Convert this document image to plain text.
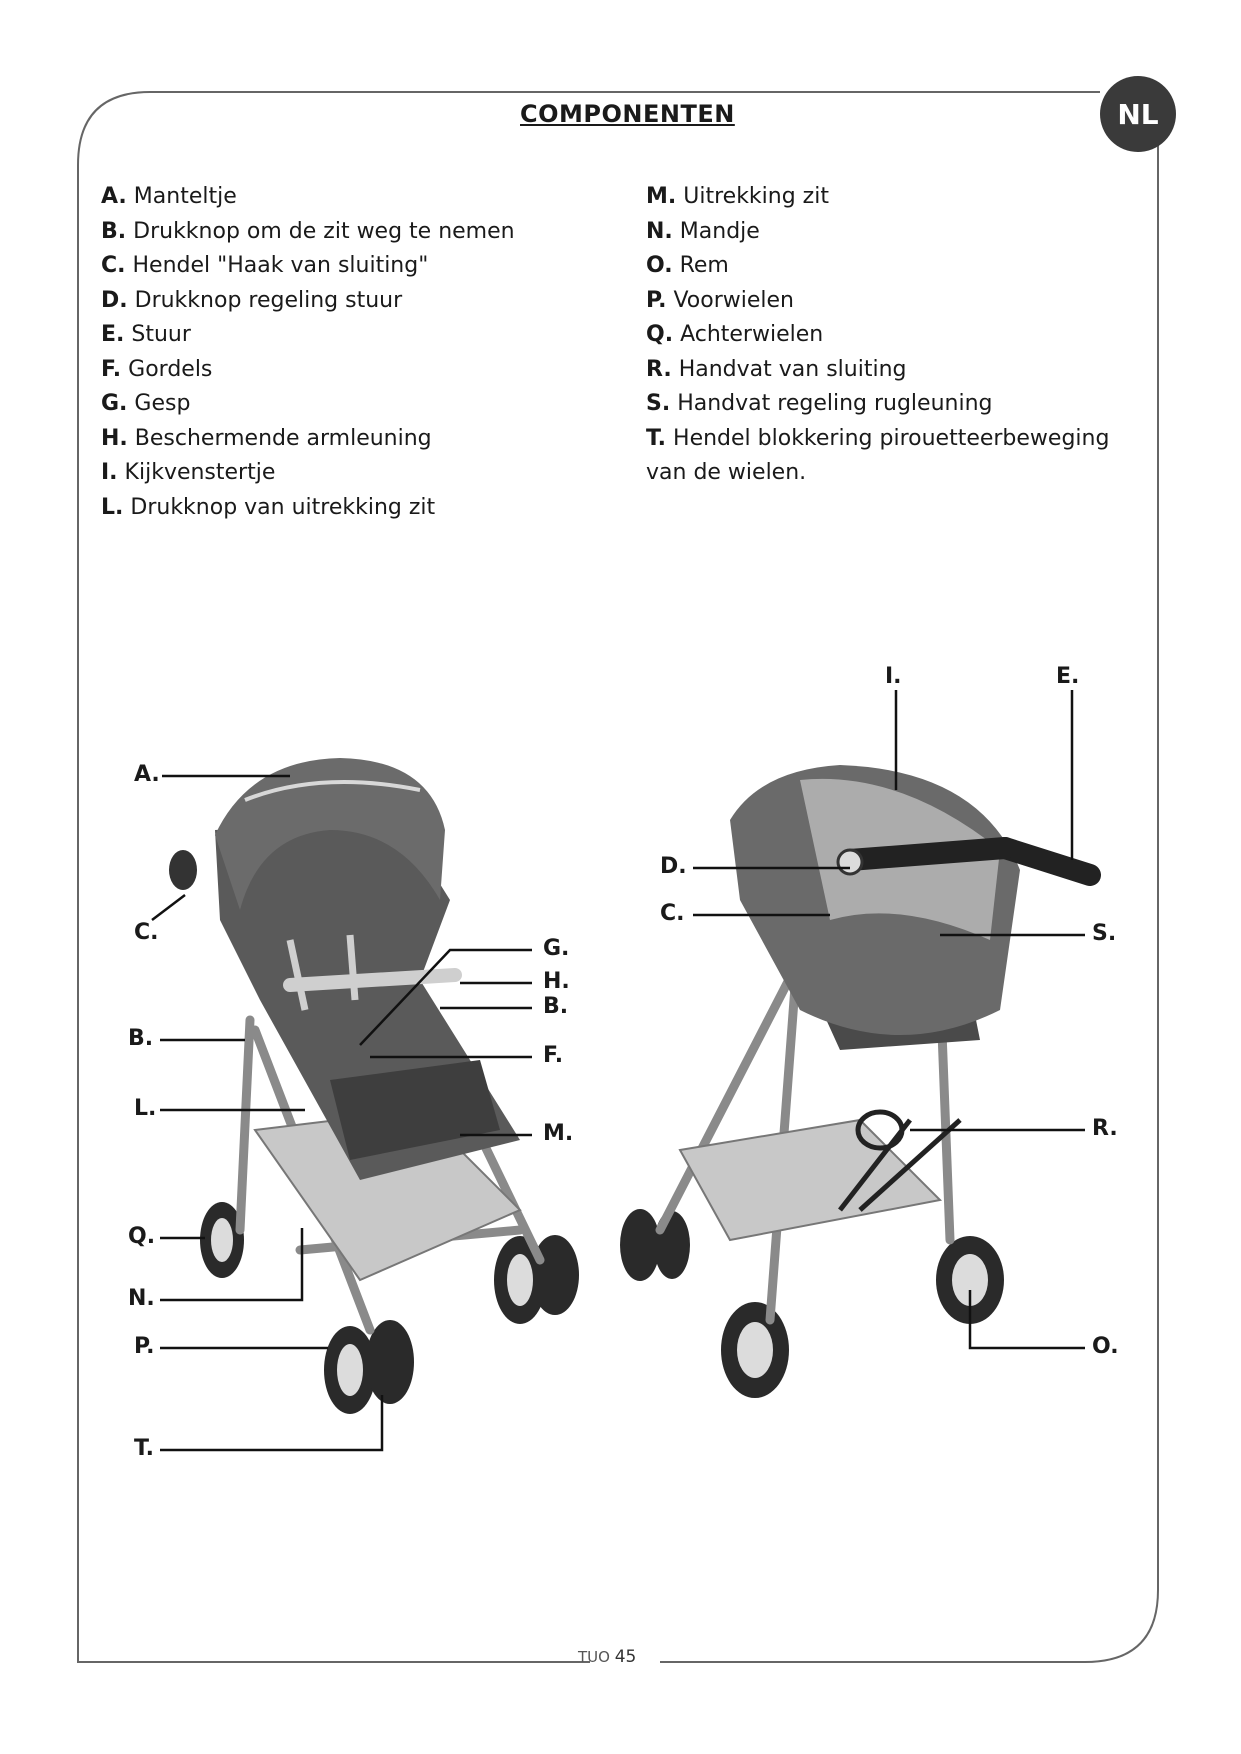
COMPONENTEN	NL
A. Manteltje
B. Drukknop om de zit weg te nemen
C. Hendel "Haak van sluiting"
D. Drukknop regeling stuur
E. Stuur
F. Gordels
G. Gesp
H. Beschermende armleuning
I. Kijkvenstertje
L. Drukknop van uitrekking zit
M. Uitrekking zit
N. Mandje
O. Rem
P. Voorwielen
Q. Achterwielen
R. Handvat van sluiting
S. Handvat regeling rugleuning
T. Hendel blokkering pirouetteerbeweging van de wielen.
A.
C.
B.
L.
Q.
N.
P.
T.
G.
H.
B.
F.
M.
I.	E.
D.
C.
S.
R.
O.
TUO 45
